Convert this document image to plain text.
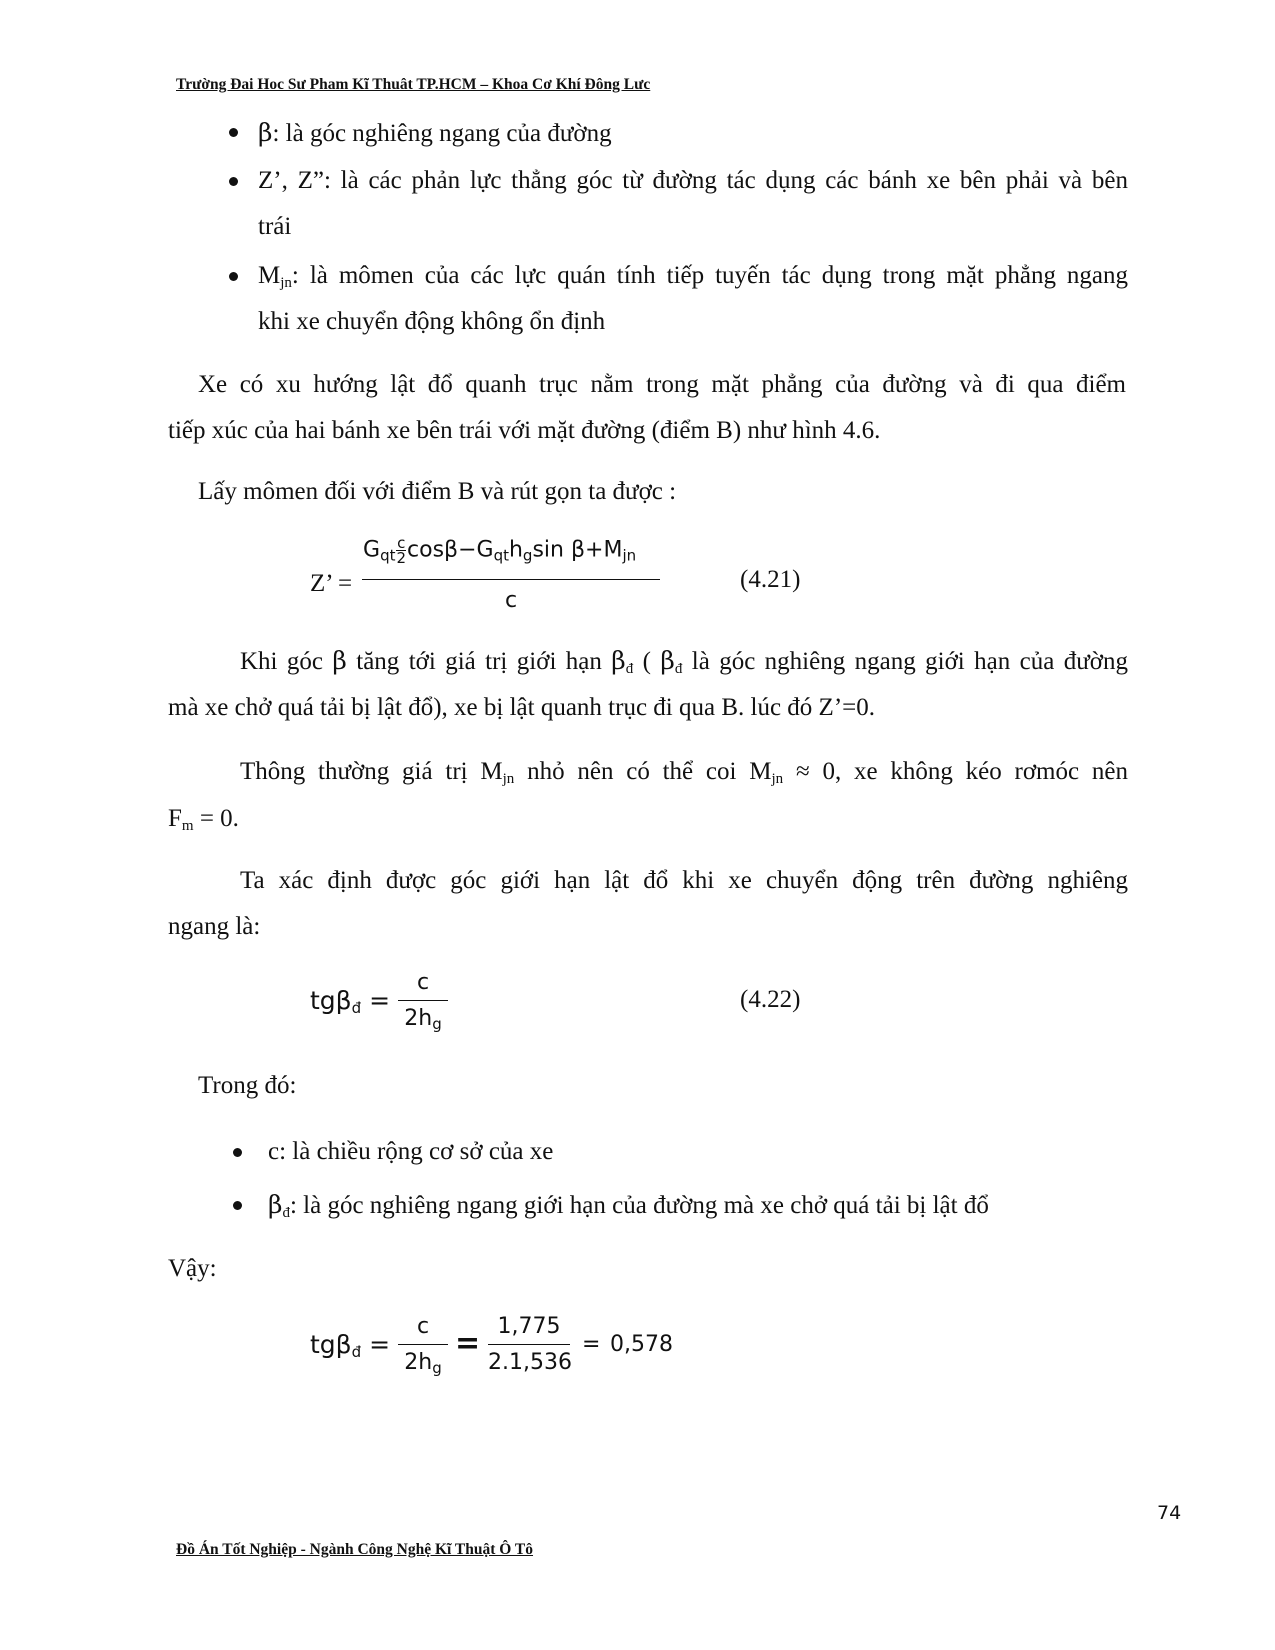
Trường Đai Hoc Sư Pham Kĩ Thuât TP.HCM – Khoa Cơ Khí Đông Lưc
74
Đồ Án Tốt Nghiệp - Ngành Công Nghệ Kĩ Thuật Ô Tô
β: là góc nghiêng ngang của đường
Z’, Z”: là các phản lực thẳng góc từ đường tác dụng các bánh xe bên phải và bên
trái
$M_{jn}$: là mômen của các lực quán tính tiếp tuyến tác dụng trong mặt phẳng ngang
khi xe chuyển động không ổn định
Xe có xu hướng lật đổ quanh trục nằm trong mặt phẳng của đường và đi qua điểm
tiếp xúc của hai bánh xe bên trái với mặt đường (điểm B) như hình 4.6.
Lấy mômen đối với điểm B và rút gọn ta được :
Z’ =
$G_{qt} \frac{c}{2} \cos\beta-G_{qt}h_g\sin$ $\beta+M_{jn}$
c
(4.21)
Khi góc β tăng tới giá trị giới hạn $\beta_đ$ ( $\beta_đ$ là góc nghiêng ngang giới hạn của đường
mà xe chở quá tải bị lật đổ), xe bị lật quanh trục đi qua B. lúc đó Z’=0.
Thông thường giá trị $M_{jn}$ nhỏ nên có thể coi $M_{jn} \approx 0$, xe không kéo rơmóc nên
$F_m = 0$.
Ta xác định được góc giới hạn lật đổ khi xe chuyển động trên đường nghiêng
ngang là:
tgβ$_đ$ =
c
$2h_g$
(4.22)
Trong đó:
c: là chiều rộng cơ sở của xe
$\beta_đ$: là góc nghiêng ngang giới hạn của đường mà xe chở quá tải bị lật đổ
Vậy:
tgβ$_đ$ =
c
$2h_g$
= 1,775
2.1,536
= 0,578
